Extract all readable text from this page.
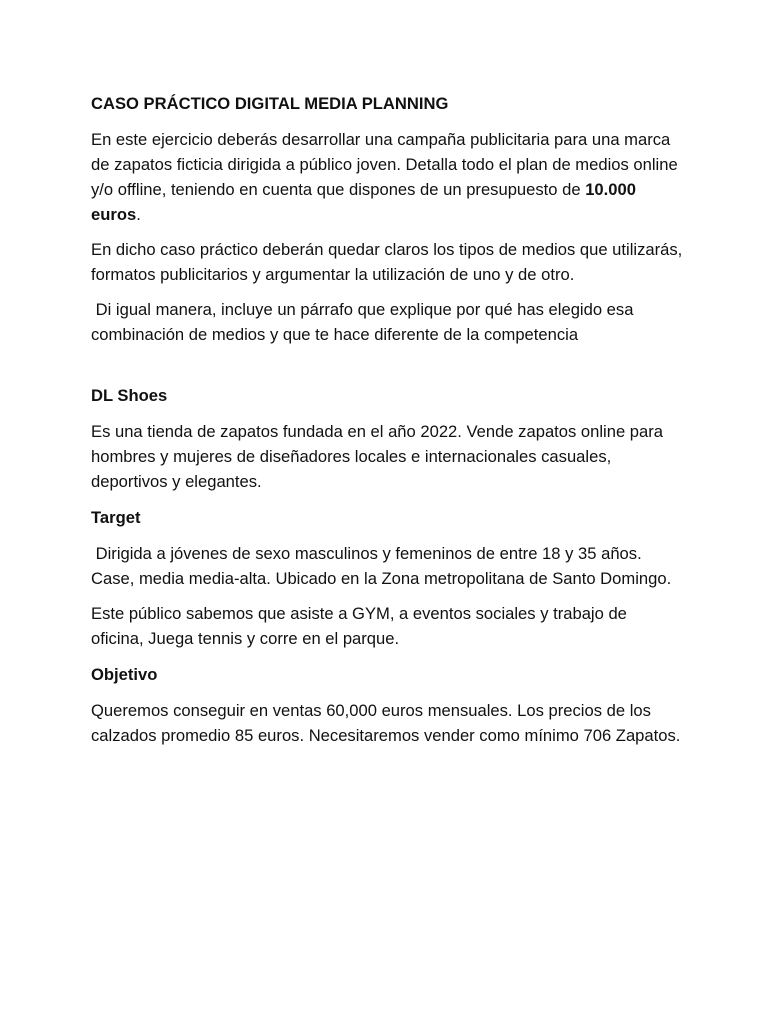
CASO PRÁCTICO DIGITAL MEDIA PLANNING

En este ejercicio deberás desarrollar una campaña publicitaria para una marca de zapatos ficticia dirigida a público joven. Detalla todo el plan de medios online y/o offline, teniendo en cuenta que dispones de un presupuesto de 10.000 euros.

En dicho caso práctico deberán quedar claros los tipos de medios que utilizarás, formatos publicitarios y argumentar la utilización de uno y de otro.

Di igual manera, incluye un párrafo que explique por qué has elegido esa combinación de medios y que te hace diferente de la competencia

DL Shoes

Es una tienda de zapatos fundada en el año 2022. Vende zapatos online para hombres y mujeres de diseñadores locales e internacionales casuales, deportivos y elegantes.

Target

Dirigida a jóvenes de sexo masculinos y femeninos de entre 18 y 35 años. Case, media media-alta. Ubicado en la Zona metropolitana de Santo Domingo.

Este público sabemos que asiste a GYM, a eventos sociales y trabajo de oficina, Juega tennis y corre en el parque.

Objetivo

Queremos conseguir en ventas 60,000 euros mensuales. Los precios de los calzados promedio 85 euros. Necesitaremos vender como mínimo 706 Zapatos.
